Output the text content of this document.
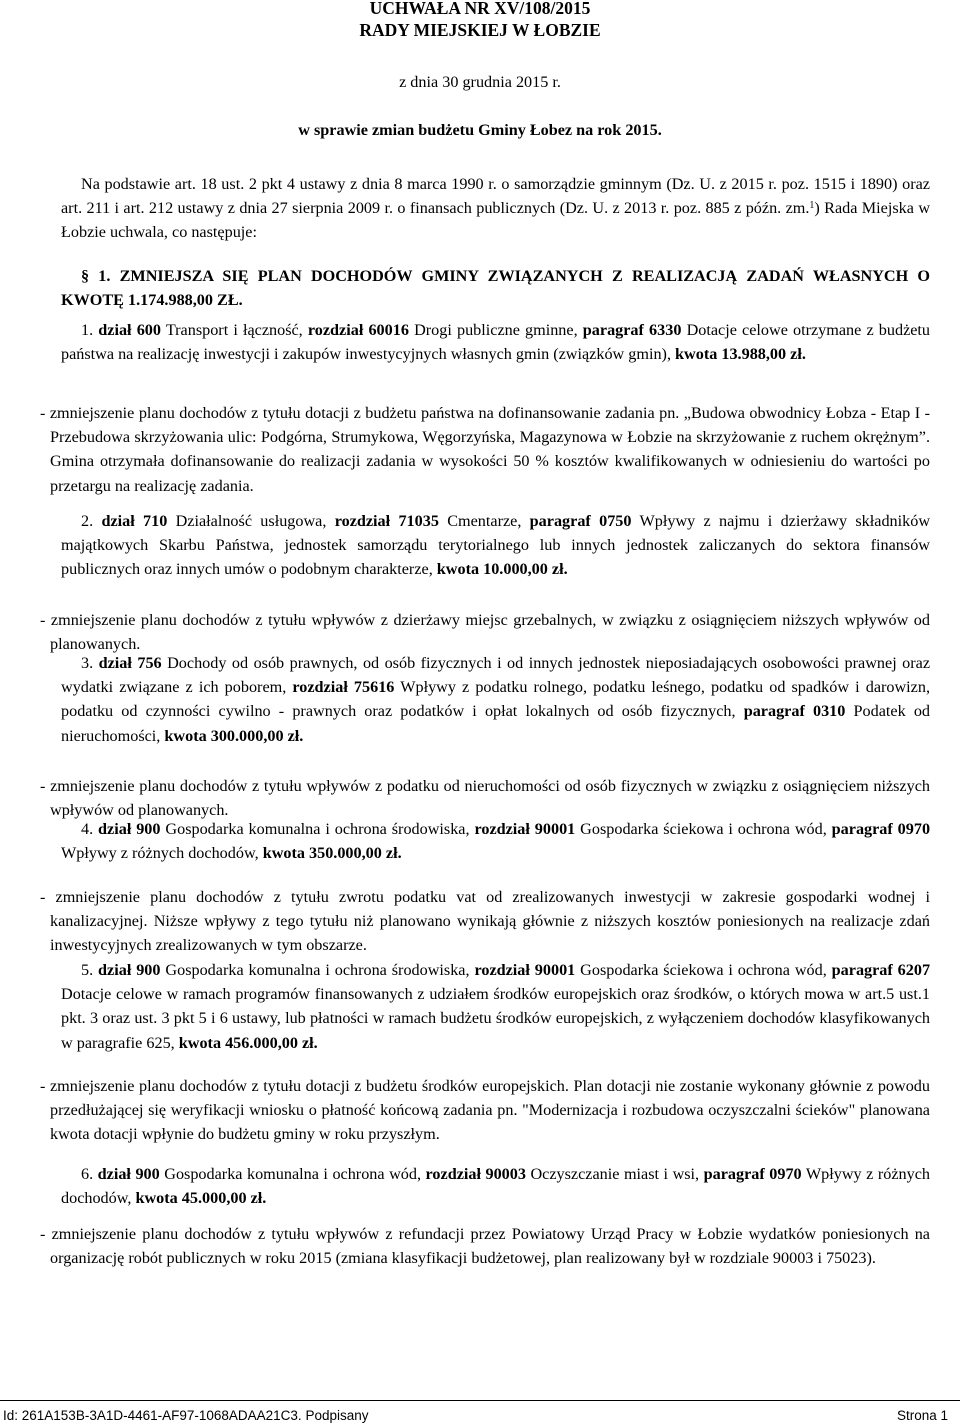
UCHWAŁA NR XV/108/2015
RADY MIEJSKIEJ W ŁOBZIE
z dnia 30 grudnia 2015 r.
w sprawie zmian budżetu Gminy Łobez na rok 2015.
Na podstawie art. 18 ust. 2 pkt 4 ustawy z dnia 8 marca 1990 r. o samorządzie gminnym (Dz. U. z 2015 r. poz. 1515 i 1890) oraz art. 211 i art. 212 ustawy z dnia 27 sierpnia 2009 r. o finansach publicznych (Dz. U. z 2013 r. poz. 885 z późn. zm.$^1$) Rada Miejska w Łobzie uchwala, co następuje:
§ 1. ZMNIEJSZA SIĘ PLAN DOCHODÓW GMINY ZWIĄZANYCH Z REALIZACJĄ ZADAŃ WŁASNYCH O KWOTĘ 1.174.988,00 ZŁ.
1. dział 600 Transport i łączność, rozdział 60016 Drogi publiczne gminne, paragraf 6330 Dotacje celowe otrzymane z budżetu państwa na realizację inwestycji i zakupów inwestycyjnych własnych gmin (związków gmin), kwota 13.988,00 zł.
- zmniejszenie planu dochodów z tytułu dotacji z budżetu państwa na dofinansowanie zadania pn. „Budowa obwodnicy Łobza - Etap I - Przebudowa skrzyżowania ulic: Podgórna, Strumykowa, Węgorzyńska, Magazynowa w Łobzie na skrzyżowanie z ruchem okrężnym”. Gmina otrzymała dofinansowanie do realizacji zadania w wysokości 50 % kosztów kwalifikowanych w odniesieniu do wartości po przetargu na realizację zadania.
2. dział 710 Działalność usługowa, rozdział 71035 Cmentarze, paragraf 0750 Wpływy z najmu i dzierżawy składników majątkowych Skarbu Państwa, jednostek samorządu terytorialnego lub innych jednostek zaliczanych do sektora finansów publicznych oraz innych umów o podobnym charakterze, kwota 10.000,00 zł.
- zmniejszenie planu dochodów z tytułu wpływów z dzierżawy miejsc grzebalnych, w związku z osiągnięciem niższych wpływów od planowanych.
3. dział 756 Dochody od osób prawnych, od osób fizycznych i od innych jednostek nieposiadających osobowości prawnej oraz wydatki związane z ich poborem, rozdział 75616 Wpływy z podatku rolnego, podatku leśnego, podatku od spadków i darowizn, podatku od czynności cywilno - prawnych oraz podatków i opłat lokalnych od osób fizycznych, paragraf 0310 Podatek od nieruchomości, kwota 300.000,00 zł.
- zmniejszenie planu dochodów z tytułu wpływów z podatku od nieruchomości od osób fizycznych w związku z osiągnięciem niższych wpływów od planowanych.
4. dział 900 Gospodarka komunalna i ochrona środowiska, rozdział 90001 Gospodarka ściekowa i ochrona wód, paragraf 0970 Wpływy z różnych dochodów, kwota 350.000,00 zł.
- zmniejszenie planu dochodów z tytułu zwrotu podatku vat od zrealizowanych inwestycji w zakresie gospodarki wodnej i kanalizacyjnej. Niższe wpływy z tego tytułu niż planowano wynikają głównie z niższych kosztów poniesionych na realizacje zdań inwestycyjnych zrealizowanych w tym obszarze.
5. dział 900 Gospodarka komunalna i ochrona środowiska, rozdział 90001 Gospodarka ściekowa i ochrona wód, paragraf 6207 Dotacje celowe w ramach programów finansowanych z udziałem środków europejskich oraz środków, o których mowa w art.5 ust.1 pkt. 3 oraz ust. 3 pkt 5 i 6 ustawy, lub płatności w ramach budżetu środków europejskich, z wyłączeniem dochodów klasyfikowanych w paragrafie 625, kwota 456.000,00 zł.
- zmniejszenie planu dochodów z tytułu dotacji z budżetu środków europejskich. Plan dotacji nie zostanie wykonany głównie z powodu przedłużającej się weryfikacji wniosku o płatność końcową zadania pn. "Modernizacja i rozbudowa oczyszczalni ścieków" planowana kwota dotacji wpłynie do budżetu gminy w roku przyszłym.
6. dział 900 Gospodarka komunalna i ochrona wód, rozdział 90003 Oczyszczanie miast i wsi, paragraf 0970 Wpływy z różnych dochodów, kwota 45.000,00 zł.
- zmniejszenie planu dochodów z tytułu wpływów z refundacji przez Powiatowy Urząd Pracy w Łobzie wydatków poniesionych na organizację robót publicznych w roku 2015 (zmiana klasyfikacji budżetowej, plan realizowany był w rozdziale 90003 i 75023).
Id: 261A153B-3A1D-4461-AF97-1068ADAA21C3. Podpisany	Strona 1
